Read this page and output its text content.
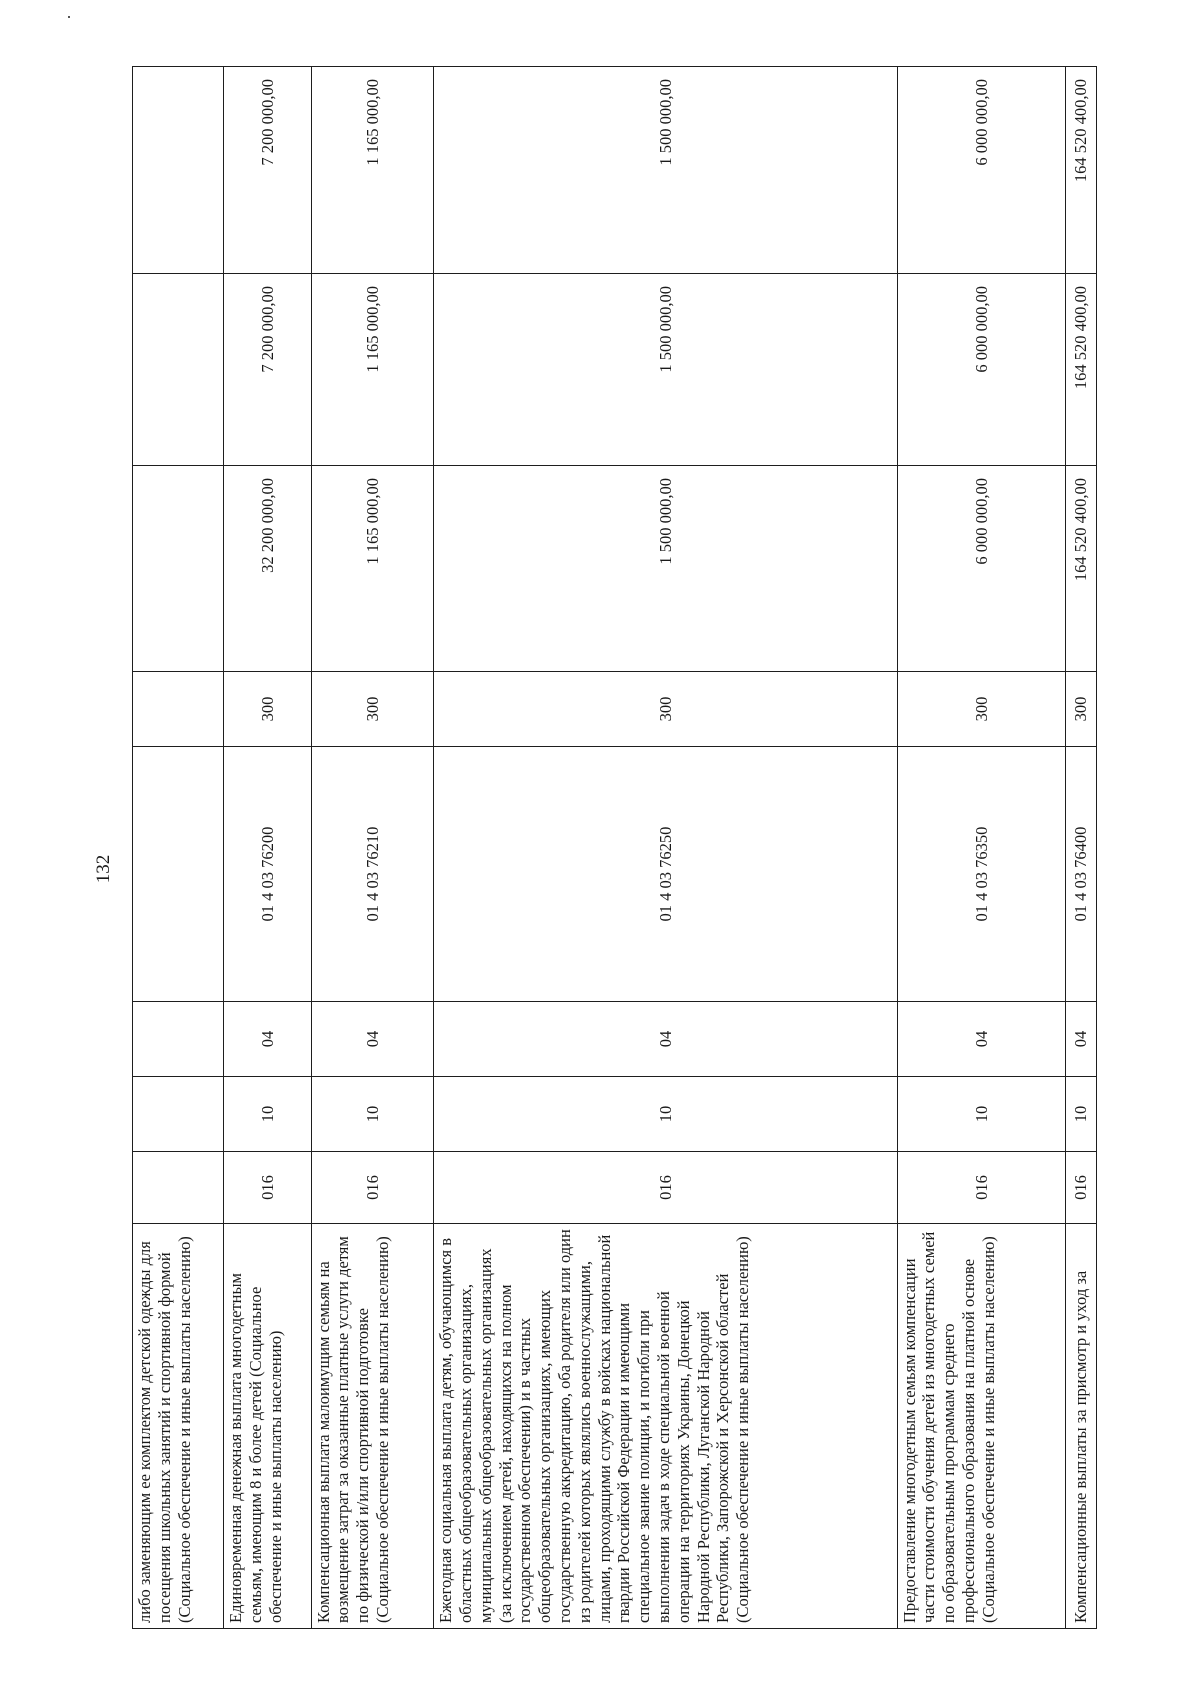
132
либо заменяющим ее комплектом детской одежды для посещения школьных занятий и спортивной формой (Социальное обеспечение и иные выплаты населению)								
Единовременная денежная выплата многодетным семьям, имеющим 8 и более детей (Социальное обеспечение и иные выплаты населению)	016	10	04	01 4 03 76200	300	32 200 000,00	7 200 000,00	7 200 000,00
Компенсационная выплата малоимущим семьям на возмещение затрат за оказанные платные услуги детям по физической и/или спортивной подготовке (Социальное обеспечение и иные выплаты населению)	016	10	04	01 4 03 76210	300	1 165 000,00	1 165 000,00	1 165 000,00
Ежегодная социальная выплата детям, обучающимся в областных общеобразовательных организациях, муниципальных общеобразовательных организациях (за исключением детей, находящихся на полном государственном обеспечении) и в частных общеобразовательных организациях, имеющих государственную аккредитацию, оба родителя или один из родителей которых являлись военнослужащими, лицами, проходящими службу в войсках национальной гвардии Российской Федерации и имеющими специальное звание полиции, и погибли при выполнении задач в ходе специальной военной операции на территориях Украины, Донецкой Народной Республики, Луганской Народной Республики, Запорожской и Херсонской областей (Социальное обеспечение и иные выплаты населению)	016	10	04	01 4 03 76250	300	1 500 000,00	1 500 000,00	1 500 000,00
Предоставление многодетным семьям компенсации части стоимости обучения детей из многодетных семей по образовательным программам среднего профессионального образования на платной основе (Социальное обеспечение и иные выплаты населению)	016	10	04	01 4 03 76350	300	6 000 000,00	6 000 000,00	6 000 000,00
Компенсационные выплаты за присмотр и уход за	016	10	04	01 4 03 76400	300	164 520 400,00	164 520 400,00	164 520 400,00
